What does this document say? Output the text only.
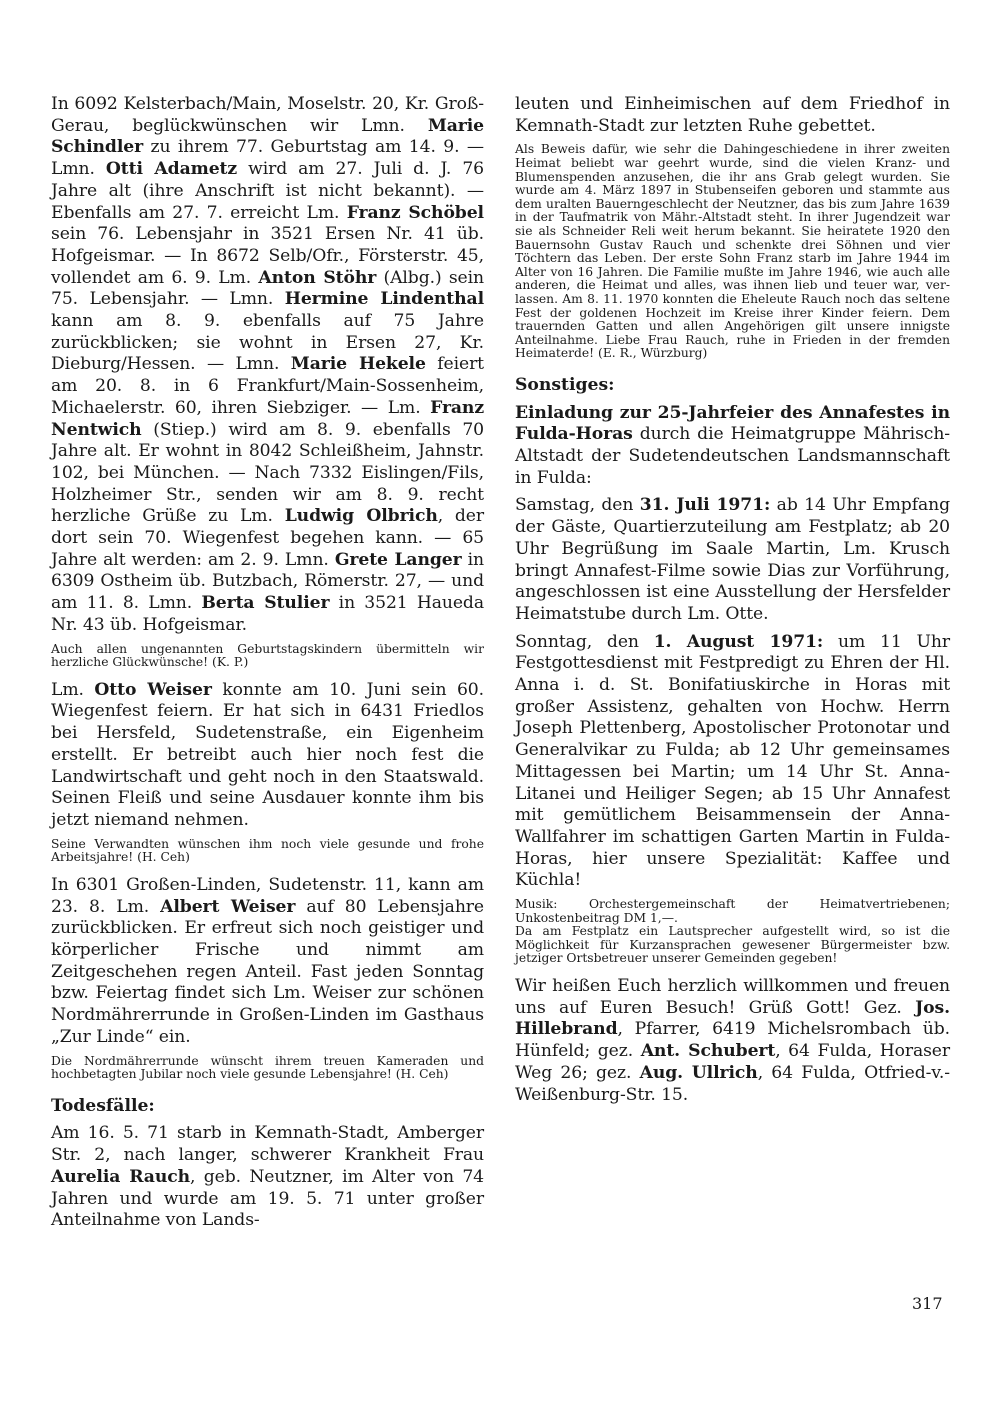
In 6092 Kelsterbach/Main, Moselstr. 20, Kr. Groß-Gerau, beglückwünschen wir Lmn. Marie Schindler zu ihrem 77. Geburtstag am 14. 9. — Lmn. Otti Adametz wird am 27. Juli d. J. 76 Jahre alt (ihre Anschrift ist nicht bekannt). — Ebenfalls am 27. 7. erreicht Lm. Franz Schöbel sein 76. Lebensjahr in 3521 Ersen Nr. 41 üb. Hofgeismar. — In 8672 Selb/Ofr., Försterstr. 45, vollendet am 6. 9. Lm. Anton Stöhr (Albg.) sein 75. Lebensjahr. — Lmn. Hermine Lindenthal kann am 8. 9. ebenfalls auf 75 Jahre zurückblicken; sie wohnt in Ersen 27, Kr. Dieburg/Hessen. — Lmn. Marie Hekele feiert am 20. 8. in 6 Frankfurt/Main-Sossenheim, Michaelerstr. 60, ihren Siebziger. — Lm. Franz Nentwich (Stiep.) wird am 8. 9. ebenfalls 70 Jahre alt. Er wohnt in 8042 Schleißheim, Jahnstr. 102, bei München. — Nach 7332 Eislingen/Fils, Holzheimer Str., senden wir am 8. 9. recht herzliche Grüße zu Lm. Ludwig Olbrich, der dort sein 70. Wiegenfest begehen kann. — 65 Jahre alt werden: am 2. 9. Lmn. Grete Langer in 6309 Ostheim üb. Butzbach, Römerstr. 27, — und am 11. 8. Lmn. Berta Stulier in 3521 Haueda Nr. 43 üb. Hofgeismar.

Auch allen ungenannten Geburtstagskindern übermitteln wir herzliche Glückwünsche! (K. P.)

Lm. Otto Weiser konnte am 10. Juni sein 60. Wiegenfest feiern. Er hat sich in 6431 Friedlos bei Hersfeld, Sudetenstraße, ein Eigenheim erstellt. Er betreibt auch hier noch fest die Landwirtschaft und geht noch in den Staatswald. Seinen Fleiß und seine Ausdauer konnte ihm bis jetzt niemand nehmen.

Seine Verwandten wünschen ihm noch viele gesunde und frohe Arbeitsjahre! (H. Ceh)

In 6301 Großen-Linden, Sudetenstr. 11, kann am 23. 8. Lm. Albert Weiser auf 80 Lebensjahre zurückblicken. Er erfreut sich noch geistiger und körperlicher Frische und nimmt am Zeitgeschehen regen Anteil. Fast jeden Sonntag bzw. Feiertag findet sich Lm. Weiser zur schönen Nordmährerrunde in Großen-Linden im Gasthaus „Zur Linde“ ein.

Die Nordmährerrunde wünscht ihrem treuen Kameraden und hochbetagten Jubilar noch viele gesunde Lebensjahre! (H. Ceh)

Todesfälle:

Am 16. 5. 71 starb in Kemnath-Stadt, Amberger Str. 2, nach langer, schwerer Krankheit Frau Aurelia Rauch, geb. Neutzner, im Alter von 74 Jahren und wurde am 19. 5. 71 unter großer Anteilnahme von Lands-

leuten und Einheimischen auf dem Friedhof in Kemnath-Stadt zur letzten Ruhe gebettet.

Als Beweis dafür, wie sehr die Dahingeschiedene in ihrer zweiten Heimat beliebt war geehrt wurde, sind die vielen Kranz- und Blumenspenden anzusehen, die ihr ans Grab gelegt wurden. Sie wurde am 4. März 1897 in Stubenseifen geboren und stammte aus dem uralten Bauerngeschlecht der Neutzner, das bis zum Jahre 1639 in der Taufmatrik von Mähr.-Altstadt steht. In ihrer Jugendzeit war sie als Schneider Reli weit herum bekannt. Sie heiratete 1920 den Bauernsohn Gustav Rauch und schenkte drei Söhnen und vier Töchtern das Leben. Der erste Sohn Franz starb im Jahre 1944 im Alter von 16 Jahren. Die Familie mußte im Jahre 1946, wie auch alle anderen, die Heimat und alles, was ihnen lieb und teuer war, verlassen. Am 8. 11. 1970 konnten die Eheleute Rauch noch das seltene Fest der goldenen Hochzeit im Kreise ihrer Kinder feiern. Dem trauernden Gatten und allen Angehörigen gilt unsere innigste Anteilnahme. Liebe Frau Rauch, ruhe in Frieden in der fremden Heimaterde! (E. R., Würzburg)

Sonstiges:

Einladung zur 25-Jahrfeier des Annafestes in Fulda-Horas durch die Heimatgruppe Mährisch-Altstadt der Sudetendeutschen Landsmannschaft in Fulda:

Samstag, den 31. Juli 1971: ab 14 Uhr Empfang der Gäste, Quartierzuteilung am Festplatz; ab 20 Uhr Begrüßung im Saale Martin, Lm. Krusch bringt Annafest-Filme sowie Dias zur Vorführung, angeschlossen ist eine Ausstellung der Hersfelder Heimatstube durch Lm. Otte.

Sonntag, den 1. August 1971: um 11 Uhr Festgottesdienst mit Festpredigt zu Ehren der Hl. Anna i. d. St. Bonifatiuskirche in Horas mit großer Assistenz, gehalten von Hochw. Herrn Joseph Plettenberg, Apostolischer Protonotar und Generalvikar zu Fulda; ab 12 Uhr gemeinsames Mittagessen bei Martin; um 14 Uhr St. Anna-Litanei und Heiliger Segen; ab 15 Uhr Annafest mit gemütlichem Beisammensein der Anna-Wallfahrer im schattigen Garten Martin in Fulda-Horas, hier unsere Spezialität: Kaffee und Küchla!

Musik: Orchestergemeinschaft der Heimatvertriebenen; Unkostenbeitrag DM 1,—.

Da am Festplatz ein Lautsprecher aufgestellt wird, so ist die Möglichkeit für Kurzansprachen gewesener Bürgermeister bzw. jetziger Ortsbetreuer unserer Gemeinden gegeben!

Wir heißen Euch herzlich willkommen und freuen uns auf Euren Besuch! Grüß Gott! Gez. Jos. Hillebrand, Pfarrer, 6419 Michelsrombach üb. Hünfeld; gez. Ant. Schubert, 64 Fulda, Horaser Weg 26; gez. Aug. Ullrich, 64 Fulda, Otfried-v.-Weißenburg-Str. 15.

317
